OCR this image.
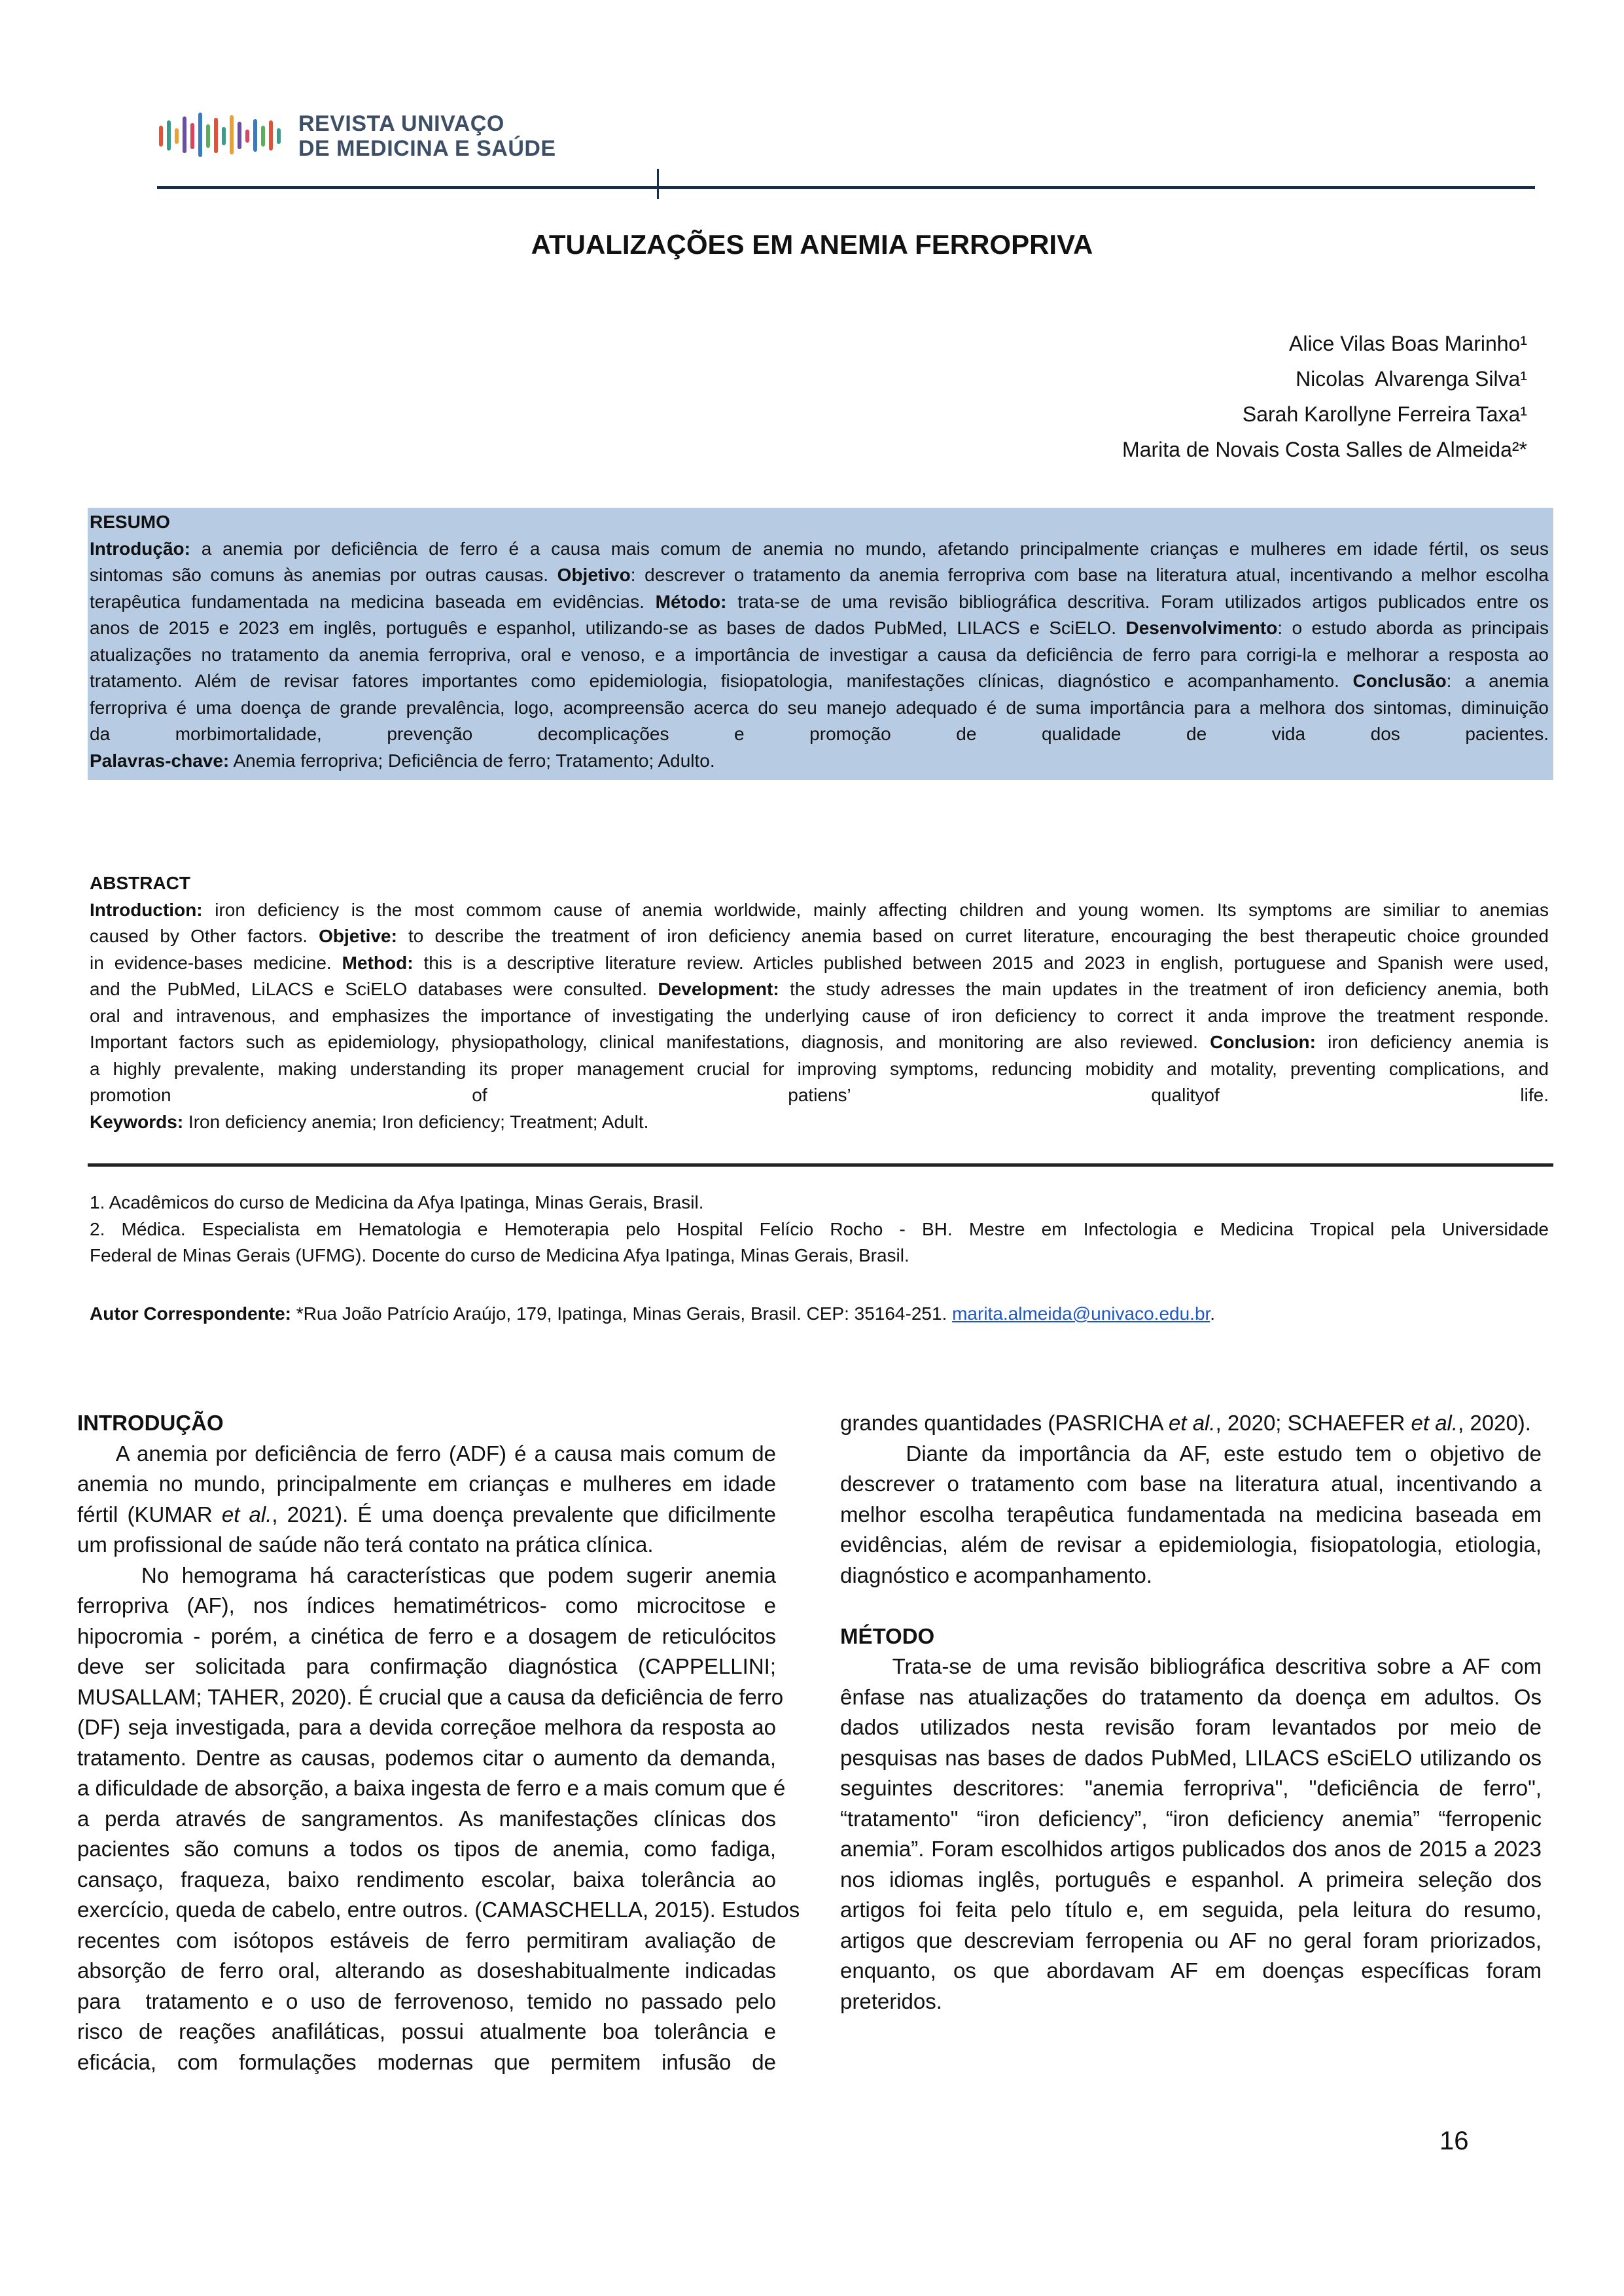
REVISTA UNIVAÇO
DE MEDICINA E SAÚDE
ATUALIZAÇÕES EM ANEMIA FERROPRIVA
Alice Vilas Boas Marinho¹
Nicolas  Alvarenga Silva¹
Sarah Karollyne Ferreira Taxa¹
Marita de Novais Costa Salles de Almeida²*
RESUMO
Introdução: a anemia por deficiência de ferro é a causa mais comum de anemia no mundo, afetando principalmente crianças e mulheres em idade fértil, os seus
sintomas são comuns às anemias por outras causas. Objetivo: descrever o tratamento da anemia ferropriva com base na literatura atual, incentivando a melhor escolha
terapêutica fundamentada na medicina baseada em evidências. Método: trata-se de uma revisão bibliográfica descritiva. Foram utilizados artigos publicados entre os
anos de 2015 e 2023 em inglês, português e espanhol, utilizando-se as bases de dados PubMed, LILACS e SciELO. Desenvolvimento: o estudo aborda as principais
atualizações no tratamento da anemia ferropriva, oral e venoso, e a importância de investigar a causa da deficiência de ferro para corrigi-la e melhorar a resposta ao
tratamento. Além de revisar fatores importantes como epidemiologia, fisiopatologia, manifestações clínicas, diagnóstico e acompanhamento. Conclusão: a anemia
ferropriva é uma doença de grande prevalência, logo, acompreensão acerca do seu manejo adequado é de suma importância para a melhora dos sintomas, diminuição
da morbimortalidade, prevenção decomplicações e promoção de qualidade de vida dos pacientes.
Palavras-chave: Anemia ferropriva; Deficiência de ferro; Tratamento; Adulto.
ABSTRACT
Introduction: iron deficiency is the most commom cause of anemia worldwide, mainly affecting children and young women. Its symptoms are similiar to anemias
caused by Other factors. Objetive: to describe the treatment of iron deficiency anemia based on curret literature, encouraging the best therapeutic choice grounded
in evidence-bases medicine. Method: this is a descriptive literature review. Articles published between 2015 and 2023 in english, portuguese and Spanish were used,
and the PubMed, LiLACS e SciELO databases were consulted. Development: the study adresses the main updates in the treatment of iron deficiency anemia, both
oral and intravenous, and emphasizes the importance of investigating the underlying cause of iron deficiency to correct it anda improve the treatment responde.
Important factors such as epidemiology, physiopathology, clinical manifestations, diagnosis, and monitoring are also reviewed. Conclusion: iron deficiency anemia is
a highly prevalente, making understanding its proper management crucial for improving symptoms, reduncing mobidity and motality, preventing complications, and
promotion of patiens’ qualityof life.
Keywords: Iron deficiency anemia; Iron deficiency; Treatment; Adult.
1. Acadêmicos do curso de Medicina da Afya Ipatinga, Minas Gerais, Brasil.
2. Médica. Especialista em Hematologia e Hemoterapia pelo Hospital Felício Rocho - BH. Mestre em Infectologia e Medicina Tropical pela Universidade
Federal de Minas Gerais (UFMG). Docente do curso de Medicina Afya Ipatinga, Minas Gerais, Brasil.
Autor Correspondente: *Rua João Patrício Araújo, 179, Ipatinga, Minas Gerais, Brasil. CEP: 35164-251. marita.almeida@univaco.edu.br.
INTRODUÇÃO
A anemia por deficiência de ferro (ADF) é a causa mais comum de
anemia no mundo, principalmente em crianças e mulheres em idade
fértil (KUMAR et al., 2021). É uma doença prevalente que dificilmente
um profissional de saúde não terá contato na prática clínica.
No hemograma há características que podem sugerir anemia
ferropriva (AF), nos índices hematimétricos- como microcitose e
hipocromia - porém, a cinética de ferro e a dosagem de reticulócitos
deve ser solicitada para confirmação diagnóstica (CAPPELLINI;
MUSALLAM; TAHER, 2020). É crucial que a causa da deficiência de ferro
(DF) seja investigada, para a devida correçãoe melhora da resposta ao
tratamento. Dentre as causas, podemos citar o aumento da demanda,
a dificuldade de absorção, a baixa ingesta de ferro e a mais comum que é
a perda através de sangramentos. As manifestações clínicas dos
pacientes são comuns a todos os tipos de anemia, como fadiga,
cansaço, fraqueza, baixo rendimento escolar, baixa tolerância ao
exercício, queda de cabelo, entre outros. (CAMASCHELLA, 2015). Estudos
recentes com isótopos estáveis de ferro permitiram avaliação de
absorção de ferro oral, alterando as doseshabitualmente indicadas
para  tratamento e o uso de ferrovenoso, temido no passado pelo
risco de reações anafiláticas, possui atualmente boa tolerância e
eficácia, com formulações modernas que permitem infusão de
grandes quantidades (PASRICHA et al., 2020; SCHAEFER et al., 2020).
Diante da importância da AF, este estudo tem o objetivo de
descrever o tratamento com base na literatura atual, incentivando a
melhor escolha terapêutica fundamentada na medicina baseada em
evidências, além de revisar a epidemiologia, fisiopatologia, etiologia,
diagnóstico e acompanhamento.
MÉTODO
Trata-se de uma revisão bibliográfica descritiva sobre a AF com
ênfase nas atualizações do tratamento da doença em adultos. Os
dados utilizados nesta revisão foram levantados por meio de
pesquisas nas bases de dados PubMed, LILACS eSciELO utilizando os
seguintes descritores: "anemia ferropriva", "deficiência de ferro",
“tratamento" “iron deficiency”, “iron deficiency anemia” “ferropenic
anemia”. Foram escolhidos artigos publicados dos anos de 2015 a 2023
nos idiomas inglês, português e espanhol. A primeira seleção dos
artigos foi feita pelo título e, em seguida, pela leitura do resumo,
artigos que descreviam ferropenia ou AF no geral foram priorizados,
enquanto, os que abordavam AF em doenças específicas foram
preteridos.
16
